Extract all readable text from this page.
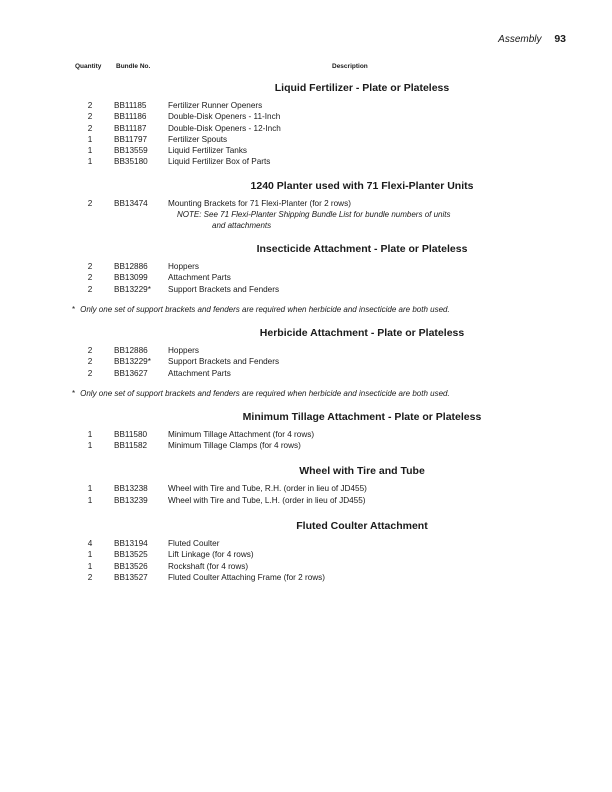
Assembly 93
Quantity Bundle No.	Description
Liquid Fertilizer - Plate or Plateless
2	BB11185	Fertilizer Runner Openers
2	BB11186	Double-Disk Openers - 11-Inch
2	BB11187	Double-Disk Openers - 12-Inch
1	BB11797	Fertilizer Spouts
1	BB13559 Liquid Fertilizer Tanks
1	BB35180 Liquid Fertilizer Box of Parts
1240 Planter used with 71 Flexi-Planter Units
2	BB13474 Mounting Brackets for 71 Flexi-Planter (for 2 rows)
NOTE: See 71 Flexi-Planter Shipping Bundle List for bundle numbers of units
and attachments
Insecticide Attachment - Plate or Plateless
2	BB12886 Hoppers
2	BB13099 Attachment Parts
2	BB13229* Support Brackets and Fenders
* Only one set of support brackets and fenders are required when herbicide and insecticide are both used.
Herbicide Attachment - Plate or Plateless
2	BB12886 Hoppers
2	BB13229* Support Brackets and Fenders
2	BB13627 Attachment Parts
* Only one set of support brackets and fenders are required when herbicide and insecticide are both used.
Minimum Tillage Attachment - Plate or Plateless
1	BB11580	Minimum Tillage Attachment (for 4 rows)
1	BB11582	Minimum Tillage Clamps (for 4 rows)
Wheel with Tire and Tube
1	BB13238 Wheel with Tire and Tube, R.H. (order in lieu of JD455)
1	BB13239 Wheel with Tire and Tube, L.H. (order in lieu of JD455)
Fluted Coulter Attachment
4	BB13194 Fluted Coulter
1	BB13525 Lift Linkage (for 4 rows)
1	BB13526 Rockshaft (for 4 rows)
2	BB13527 Fluted Coulter Attaching Frame (for 2 rows)
